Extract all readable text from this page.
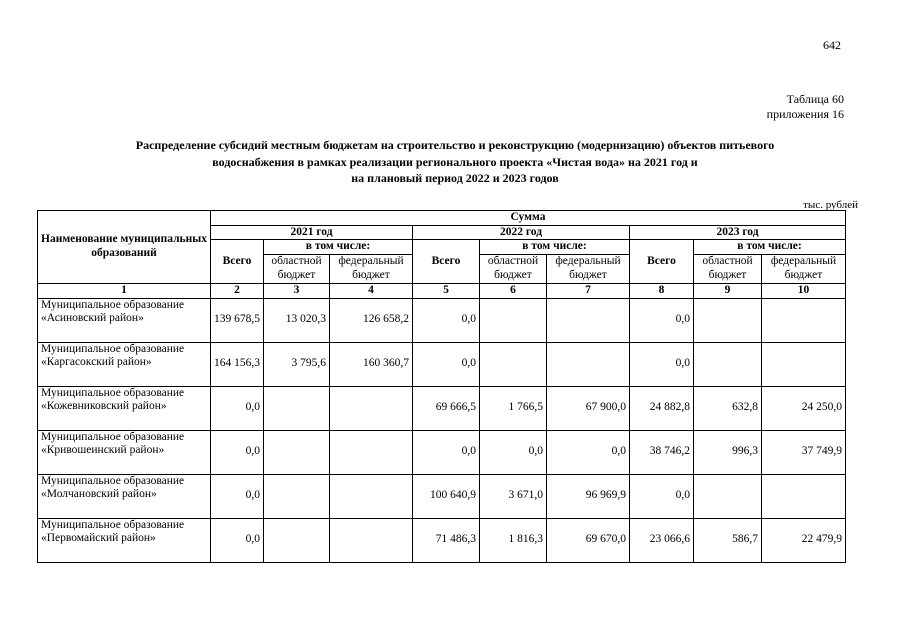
642
Таблица 60
приложения 16
Распределение субсидий местным бюджетам на строительство и реконструкцию (модернизацию) объектов питьевого
водоснабжения в рамках реализации регионального проекта «Чистая вода» на 2021 год и
на плановый период 2022 и 2023 годов
тыс. рублей
Наименование муниципальных образований	Сумма								
	2021 год			2022 год			2023 год		
	Всего	в том числе:		Всего	в том числе:		Всего	в том числе:	
		областной бюджет	федеральный бюджет		областной бюджет	федеральный бюджет		областной бюджет	федеральный бюджет
1	2	3	4	5	6	7	8	9	10
Муниципальное образование «Асиновский район»	139 678,5	13 020,3	126 658,2	0,0			0,0		
Муниципальное образование «Каргасокский район»	164 156,3	3 795,6	160 360,7	0,0			0,0		
Муниципальное образование «Кожевниковский район»	0,0			69 666,5	1 766,5	67 900,0	24 882,8	632,8	24 250,0
Муниципальное образование «Кривошеинский район»	0,0			0,0	0,0	0,0	38 746,2	996,3	37 749,9
Муниципальное образование «Молчановский район»	0,0			100 640,9	3 671,0	96 969,9	0,0		
Муниципальное образование «Первомайский район»	0,0			71 486,3	1 816,3	69 670,0	23 066,6	586,7	22 479,9
